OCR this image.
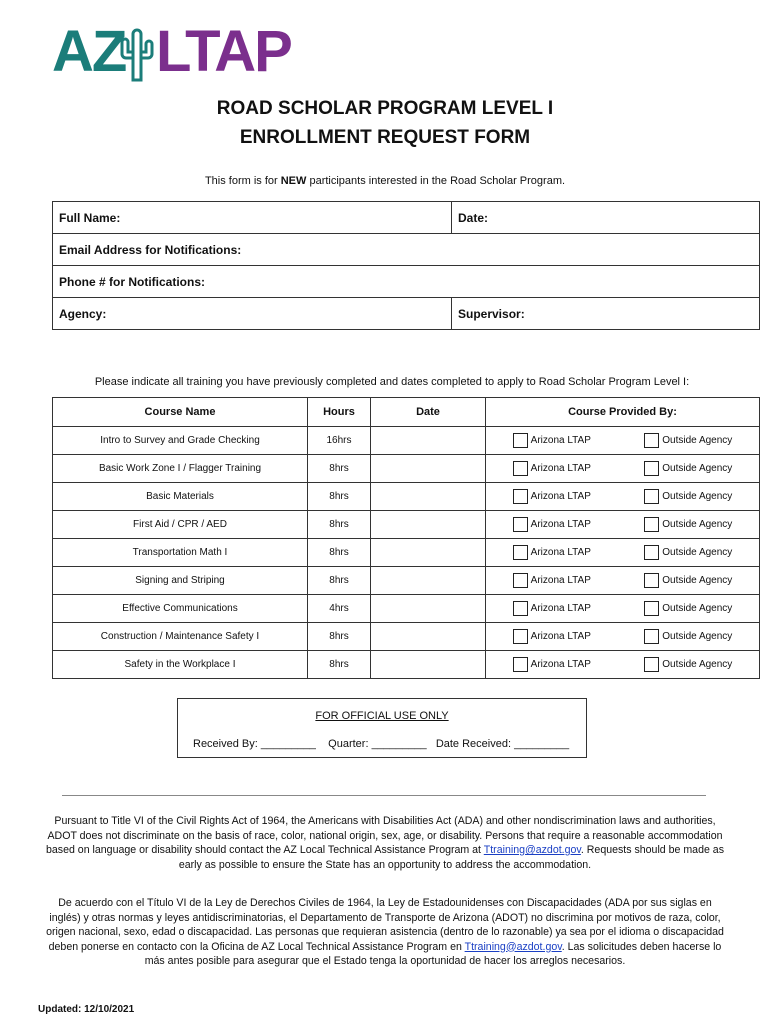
AZ LTAP
ROAD SCHOLAR PROGRAM LEVEL I
ENROLLMENT REQUEST FORM
This form is for NEW participants interested in the Road Scholar Program.
Full Name:	Date:
Email Address for Notifications:	
Phone # for Notifications:	
Agency:	Supervisor:
Please indicate all training you have previously completed and dates completed to apply to Road Scholar Program Level I:
Course Name	Hours	Date	Course Provided By:
Intro to Survey and Grade Checking	16hrs		Arizona LTAP Outside Agency

Basic Work Zone I / Flagger Training	8hrs		Arizona LTAP Outside Agency

Basic Materials	8hrs		Arizona LTAP Outside Agency

First Aid / CPR / AED	8hrs		Arizona LTAP Outside Agency

Transportation Math I	8hrs		Arizona LTAP Outside Agency

Signing and Striping	8hrs		Arizona LTAP Outside Agency

Effective Communications	4hrs		Arizona LTAP Outside Agency

Construction / Maintenance Safety I	8hrs		Arizona LTAP Outside Agency

Safety in the Workplace I	8hrs		Arizona LTAP Outside Agency
FOR OFFICIAL USE ONLY
Received By: _________ Quarter: _________ Date Received: _________
Pursuant to Title VI of the Civil Rights Act of 1964, the Americans with Disabilities Act (ADA) and other nondiscrimination laws and authorities, ADOT does not discriminate on the basis of race, color, national origin, sex, age, or disability. Persons that require a reasonable accommodation based on language or disability should contact the AZ Local Technical Assistance Program at Ttraining@azdot.gov. Requests should be made as early as possible to ensure the State has an opportunity to address the accommodation.
De acuerdo con el Título VI de la Ley de Derechos Civiles de 1964, la Ley de Estadounidenses con Discapacidades (ADA por sus siglas en inglés) y otras normas y leyes antidiscriminatorias, el Departamento de Transporte de Arizona (ADOT) no discrimina por motivos de raza, color, origen nacional, sexo, edad o discapacidad. Las personas que requieran asistencia (dentro de lo razonable) ya sea por el idioma o discapacidad deben ponerse en contacto con la Oficina de AZ Local Technical Assistance Program en Ttraining@azdot.gov. Las solicitudes deben hacerse lo más antes posible para asegurar que el Estado tenga la oportunidad de hacer los arreglos necesarios.
Updated: 12/10/2021
